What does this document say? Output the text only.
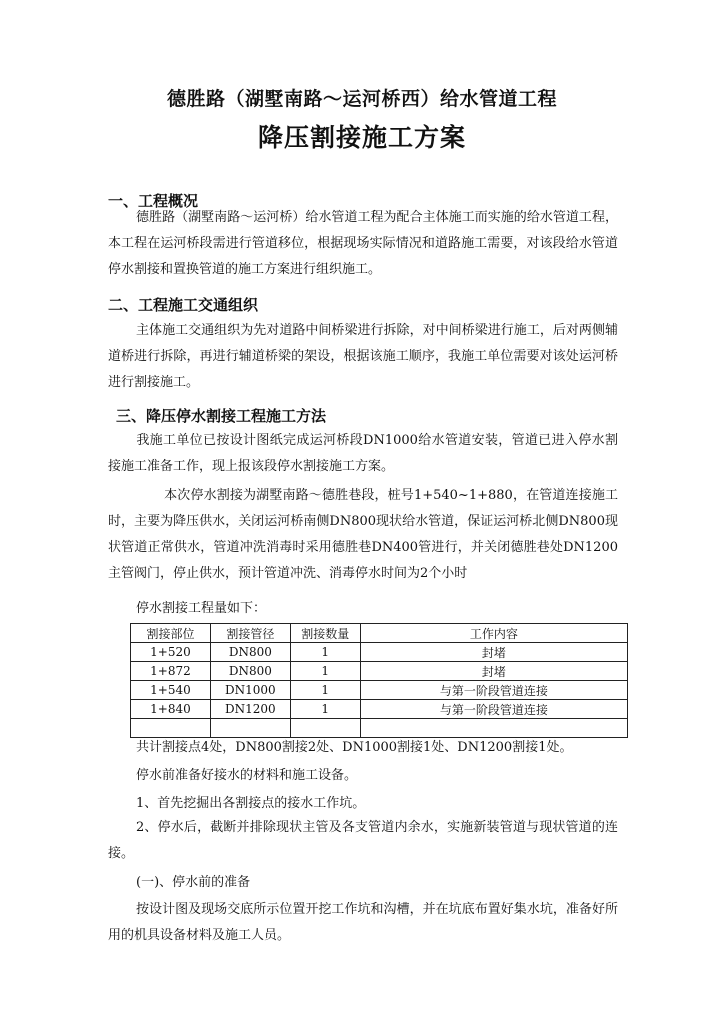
德胜路（湖墅南路～运河桥西）给水管道工程
降压割接施工方案
一、工程概况
德胜路（湖墅南路～运河桥）给水管道工程为配合主体施工而实施的给水管道工程，本工程在运河桥段需进行管道移位，根据现场实际情况和道路施工需要，对该段给水管道停水割接和置换管道的施工方案进行组织施工。
二、工程施工交通组织
主体施工交通组织为先对道路中间桥梁进行拆除，对中间桥梁进行施工，后对两侧辅道桥进行拆除，再进行辅道桥梁的架设，根据该施工顺序，我施工单位需要对该处运河桥进行割接施工。
三、降压停水割接工程施工方法
我施工单位已按设计图纸完成运河桥段DN1000给水管道安装，管道已进入停水割接施工准备工作，现上报该段停水割接施工方案。
本次停水割接为湖墅南路～德胜巷段，桩号1+540~1+880，在管道连接施工时，主要为降压供水，关闭运河桥南侧DN800现状给水管道，保证运河桥北侧DN800现状管道正常供水，管道冲洗消毒时采用德胜巷DN400管进行，并关闭德胜巷处DN1200主管阀门，停止供水，预计管道冲洗、消毒停水时间为2个小时
停水割接工程量如下：
割接部位	割接管径	割接数量	工作内容
1+520	DN800	1	封堵
1+872	DN800	1	封堵
1+540	DN1000	1	与第一阶段管道连接
1+840	DN1200	1	与第一阶段管道连接

共计割接点4处，DN800割接2处、DN1000割接1处、DN1200割接1处。
停水前准备好接水的材料和施工设备。
1、首先挖掘出各割接点的接水工作坑。
2、停水后，截断并排除现状主管及各支管道内余水，实施新装管道与现状管道的连接。
(一)、停水前的准备
按设计图及现场交底所示位置开挖工作坑和沟槽，并在坑底布置好集水坑，准备好所用的机具设备材料及施工人员。
